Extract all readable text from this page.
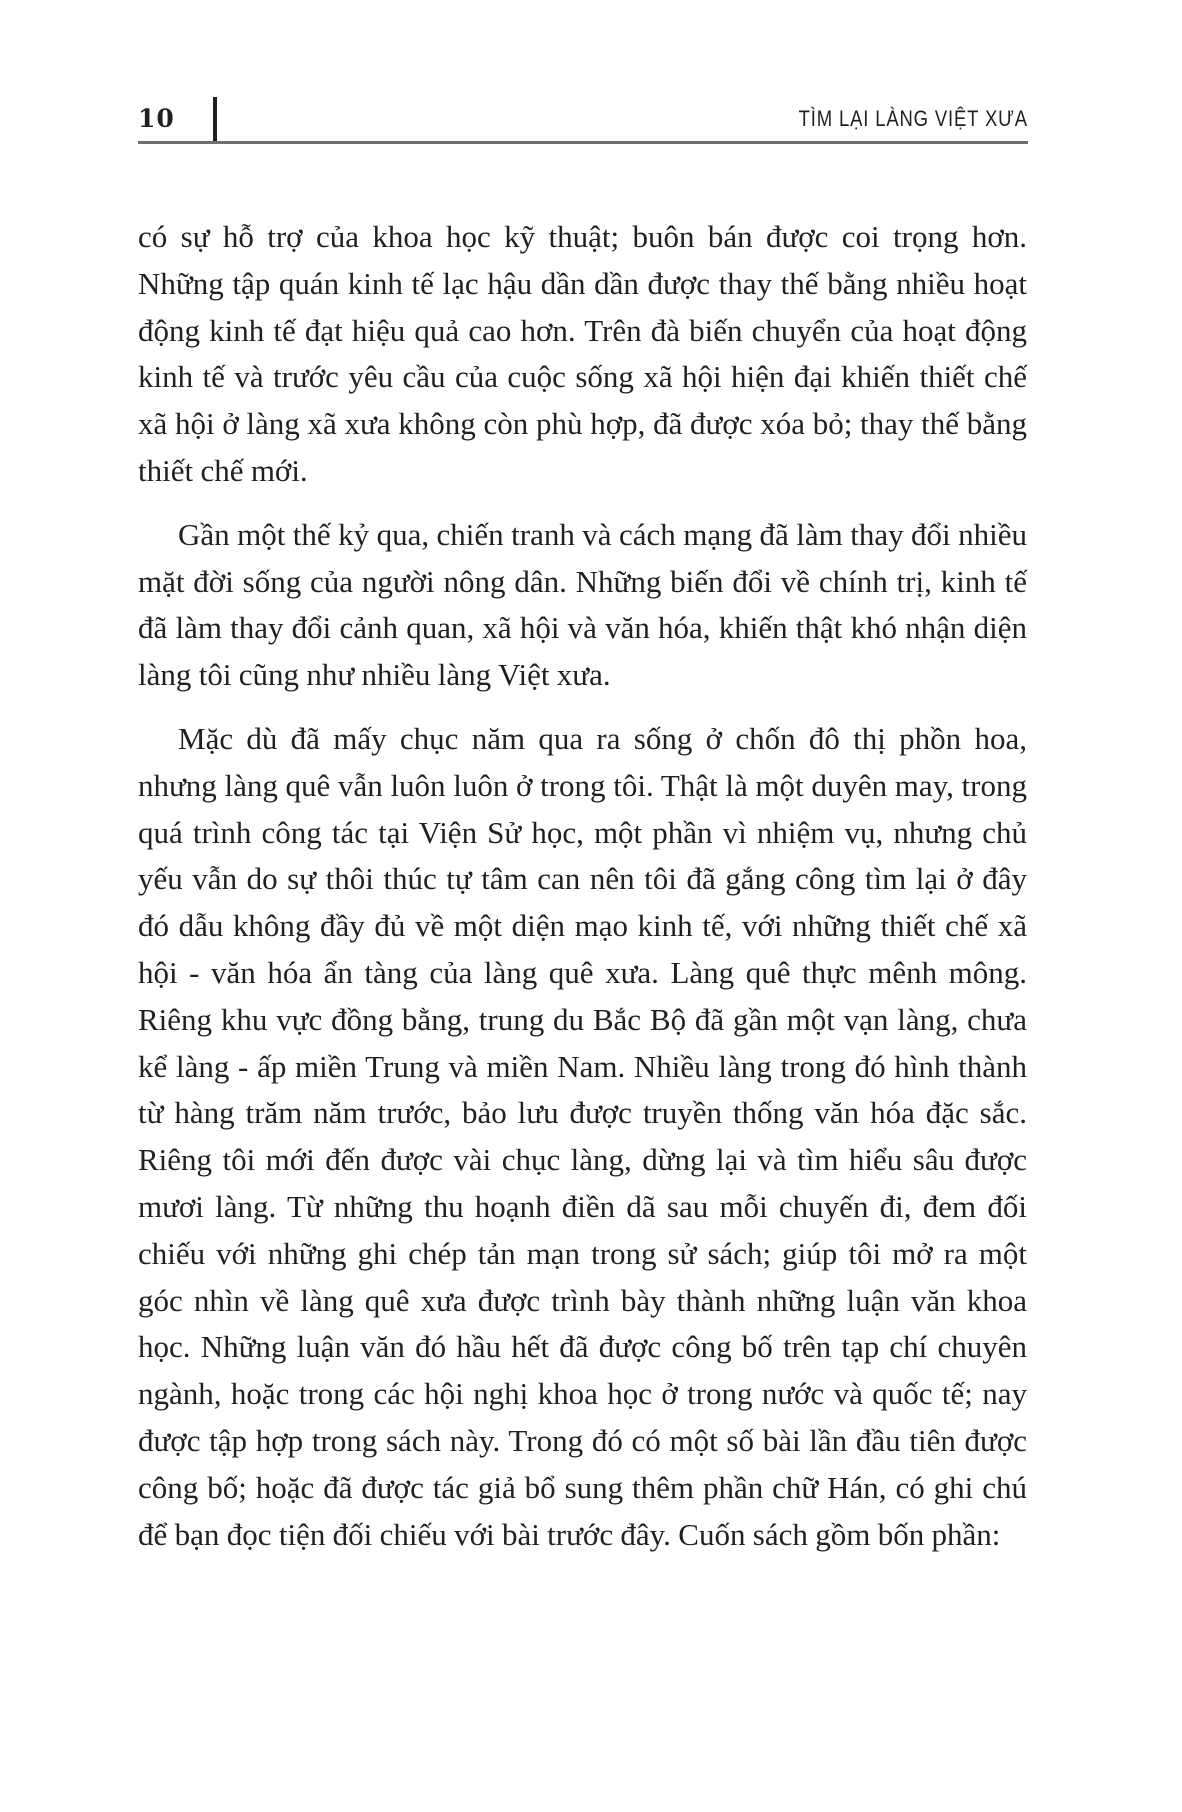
10	TÌM LẠI LÀNG VIỆT XƯA

có sự hỗ trợ của khoa học kỹ thuật; buôn bán được coi trọng hơn. Những tập quán kinh tế lạc hậu dần dần được thay thế bằng nhiều hoạt động kinh tế đạt hiệu quả cao hơn. Trên đà biến chuyển của hoạt động kinh tế và trước yêu cầu của cuộc sống xã hội hiện đại khiến thiết chế xã hội ở làng xã xưa không còn phù hợp, đã được xóa bỏ; thay thế bằng thiết chế mới.

Gần một thế kỷ qua, chiến tranh và cách mạng đã làm thay đổi nhiều mặt đời sống của người nông dân. Những biến đổi về chính trị, kinh tế đã làm thay đổi cảnh quan, xã hội và văn hóa, khiến thật khó nhận diện làng tôi cũng như nhiều làng Việt xưa.

Mặc dù đã mấy chục năm qua ra sống ở chốn đô thị phồn hoa, nhưng làng quê vẫn luôn luôn ở trong tôi. Thật là một duyên may, trong quá trình công tác tại Viện Sử học, một phần vì nhiệm vụ, nhưng chủ yếu vẫn do sự thôi thúc tự tâm can nên tôi đã gắng công tìm lại ở đây đó dẫu không đầy đủ về một diện mạo kinh tế, với những thiết chế xã hội - văn hóa ẩn tàng của làng quê xưa. Làng quê thực mênh mông. Riêng khu vực đồng bằng, trung du Bắc Bộ đã gần một vạn làng, chưa kể làng - ấp miền Trung và miền Nam. Nhiều làng trong đó hình thành từ hàng trăm năm trước, bảo lưu được truyền thống văn hóa đặc sắc. Riêng tôi mới đến được vài chục làng, dừng lại và tìm hiểu sâu được mươi làng. Từ những thu hoạnh điền dã sau mỗi chuyến đi, đem đối chiếu với những ghi chép tản mạn trong sử sách; giúp tôi mở ra một góc nhìn về làng quê xưa được trình bày thành những luận văn khoa học. Những luận văn đó hầu hết đã được công bố trên tạp chí chuyên ngành, hoặc trong các hội nghị khoa học ở trong nước và quốc tế; nay được tập hợp trong sách này. Trong đó có một số bài lần đầu tiên được công bố; hoặc đã được tác giả bổ sung thêm phần chữ Hán, có ghi chú để bạn đọc tiện đối chiếu với bài trước đây. Cuốn sách gồm bốn phần:
